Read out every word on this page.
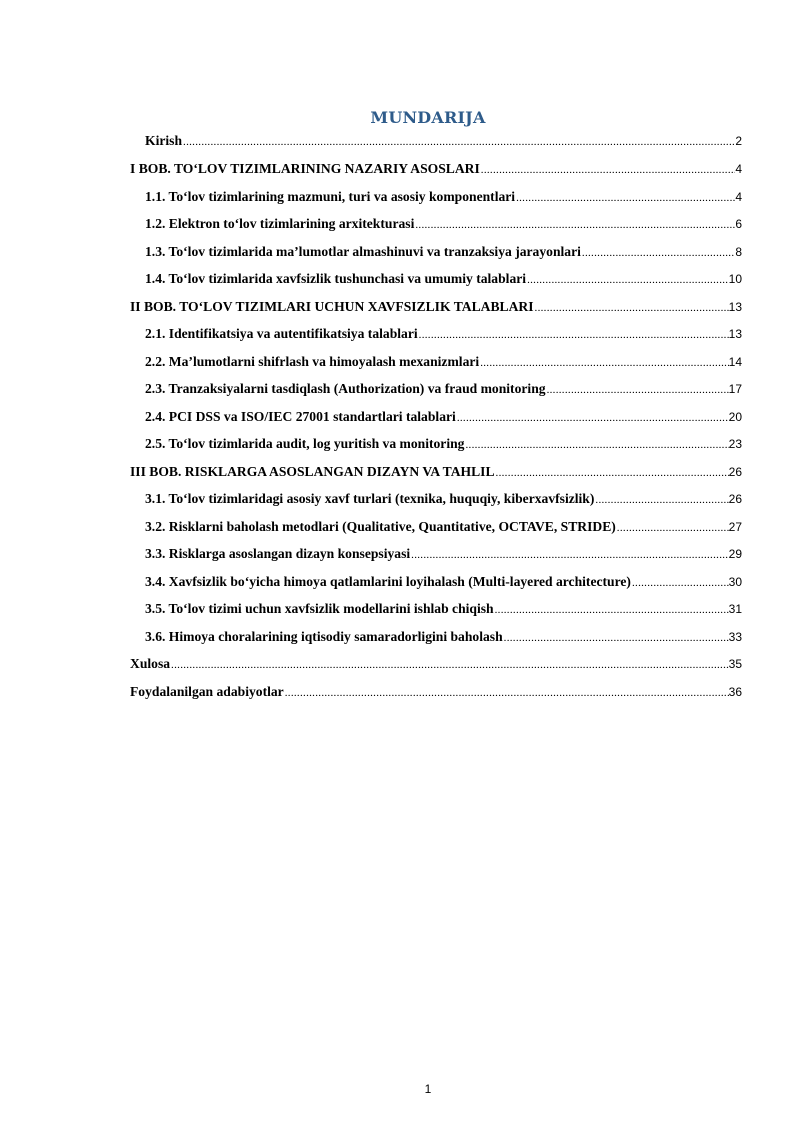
MUNDARIJA
Kirish .....	2
I BOB. TO‘LOV TIZIMLARINING NAZARIY ASOSLARI .....	4
1.1. To‘lov tizimlarining mazmuni, turi va asosiy komponentlari .....	4
1.2. Elektron to‘lov tizimlarining arxitekturasi .....	6
1.3. To‘lov tizimlarida ma’lumotlar almashinuvi va tranzaksiya jarayonlari .....	8
1.4. To‘lov tizimlarida xavfsizlik tushunchasi va umumiy talablari .....	10
II BOB. TO‘LOV TIZIMLARI UCHUN XAVFSIZLIK TALABLARI .....	13
2.1. Identifikatsiya va autentifikatsiya talablari .....	13
2.2. Ma’lumotlarni shifrlash va himoyalash mexanizmlari .....	14
2.3. Tranzaksiyalarni tasdiqlash (Authorization) va fraud monitoring .....	17
2.4. PCI DSS va ISO/IEC 27001 standartlari talablari .....	20
2.5. To‘lov tizimlarida audit, log yuritish va monitoring .....	23
III BOB. RISKLARGA ASOSLANGAN DIZAYN VA TAHLIL .....	26
3.1. To‘lov tizimlaridagi asosiy xavf turlari (texnika, huquqiy, kiberxavfsizlik) .....	26
3.2. Risklarni baholash metodlari (Qualitative, Quantitative, OCTAVE, STRIDE) .....	27
3.3. Risklarga asoslangan dizayn konsepsiyasi .....	29
3.4. Xavfsizlik bo‘yicha himoya qatlamlarini loyihalash (Multi-layered architecture) .....	30
3.5. To‘lov tizimi uchun xavfsizlik modellarini ishlab chiqish .....	31
3.6. Himoya choralarining iqtisodiy samaradorligini baholash .....	33
Xulosa .....	35
Foydalanilgan adabiyotlar .....	36
1
